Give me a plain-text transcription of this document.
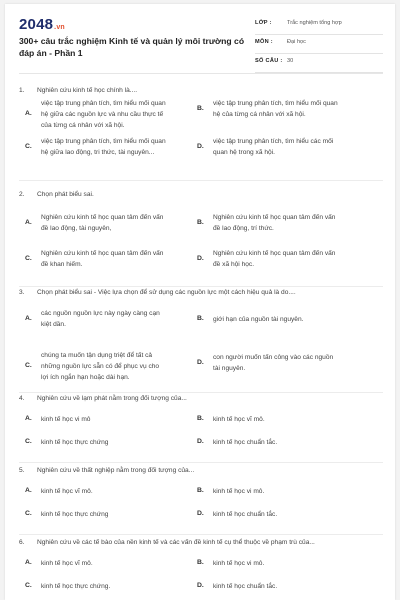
2048.vn
300+ câu trắc nghiệm Kinh tế và quản lý môi trường có đáp án - Phần 1
LỚP :	Trắc nghiệm tổng hợp
MÔN :	Đại học
SỐ CÂU : 30
1. Nghiên cứu kinh tế học chính là....
A.
việc tập trung phân tích, tìm hiểu mối quan
hệ giữa các nguồn lực và nhu cầu thực tế
của từng cá nhân với xã hội.
B.
việc tập trung phân tích, tìm hiểu mối quan
hệ của từng cá nhân với xã hội.
C.
việc tập trung phân tích, tìm hiểu mối quan
hệ giữa lao động, tri thức, tài nguyên...
D.
việc tập trung phân tích, tìm hiểu các mối
quan hệ trong xã hội.
2. Chọn phát biểu sai.
A.
Nghiên cứu kinh tế học quan tâm đến vấn
đề lao động, tài nguyên,
B.
Nghiên cứu kinh tế học quan tâm đến vấn
đề lao động, trí thức.
C.
Nghiên cứu kinh tế học quan tâm đến vấn
đề khan hiếm.
D.
Nghiên cứu kinh tế học quan tâm đến vấn
đề xã hội học.
3. Chọn phát biểu sai - Việc lựa chọn để sử dụng các nguồn lực một cách hiệu quả là do....
A.
các nguồn nguồn lực này ngày càng cạn
kiệt dần.
B. giới hạn của nguồn tài nguyên.
C.
chúng ta muốn tận dụng triệt để tất cả
những nguồn lực sẵn có để phục vụ cho
lợi ích ngắn hạn hoặc dài hạn.
D.
con người muốn tấn công vào các nguồn
tài nguyên.
4. Nghiên cứu về lạm phát nằm trong đối tượng của...
A. kinh tế học vi mô	B. kinh tế học vĩ mô.
C. kinh tế học thực chứng	D. kinh tế học chuẩn tắc.
5. Nghiên cứu về thất nghiệp nằm trong đối tượng của...
A. kinh tế học vĩ mô.	B. kinh tế học vi mô.
C. kinh tế học thực chứng	D. kinh tế học chuẩn tắc.
6. Nghiên cứu về các tế bào của nền kinh tế và các vấn đề kinh tế cụ thể thuộc về phạm trù của...
A. kinh tế học vĩ mô.	B. kinh tế học vi mô.
C. kinh tế học thực chứng.	D. kinh tế học chuẩn tắc.
